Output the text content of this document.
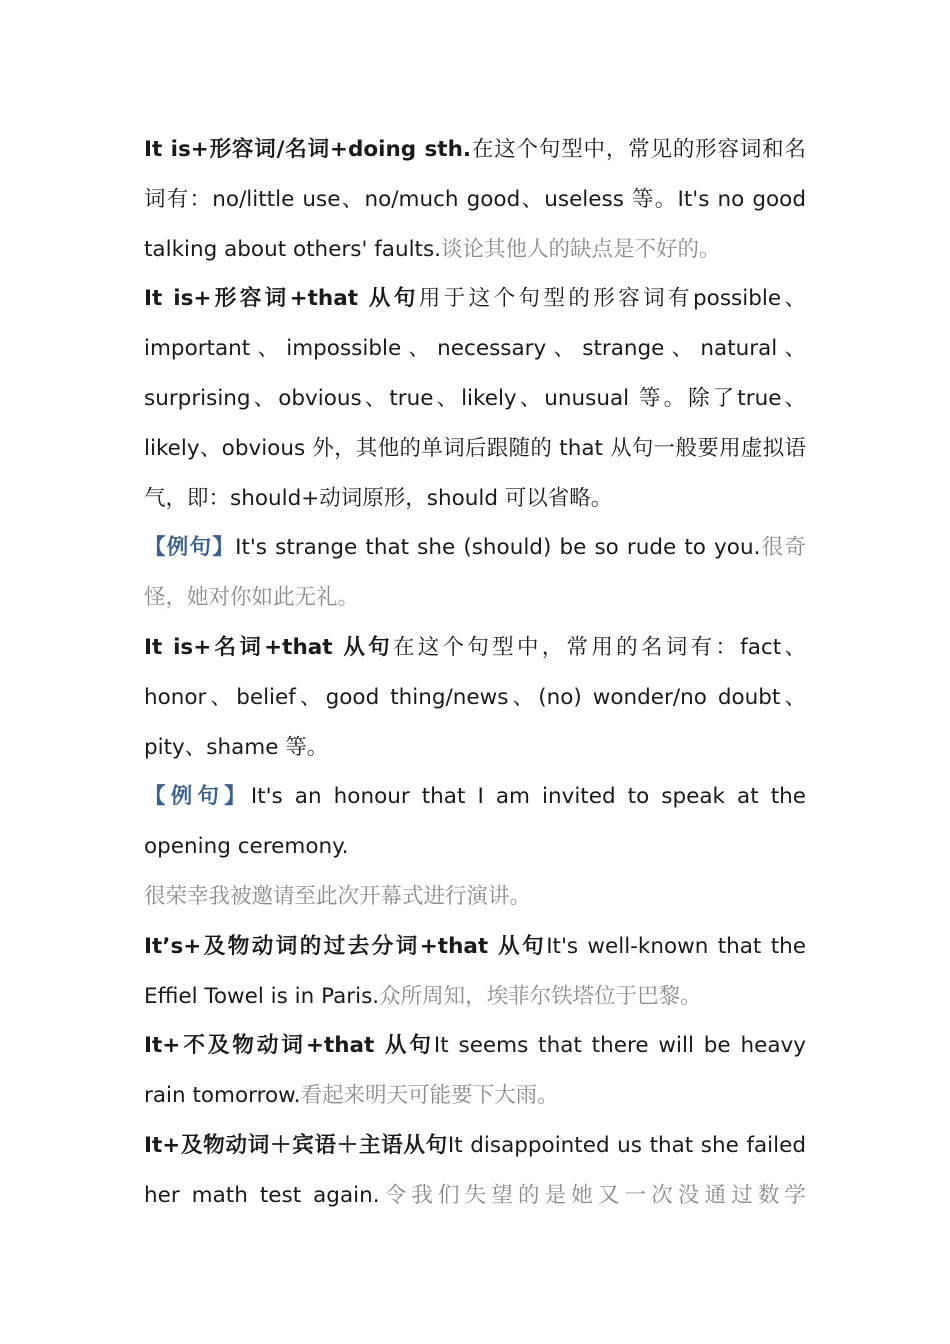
It is+形容词/名词+doing sth.在这个句型中，常见的形容词和名词有：no/little use、no/much good、useless 等。It's no good talking about others' faults.谈论其他人的缺点是不好的。

It is+形容词+that 从句用于这个句型的形容词有possible、important、impossible、necessary、strange、natural、surprising、obvious、true、likely、unusual 等。除了true、likely、obvious 外，其他的单词后跟随的 that 从句一般要用虚拟语气，即：should+动词原形，should 可以省略。

【例句】It's strange that she (should) be so rude to you.很奇怪，她对你如此无礼。

It is+名词+that 从句在这个句型中，常用的名词有：fact、honor、belief、good thing/news、(no) wonder/no doubt、pity、shame 等。

【例句】It's an honour that I am invited to speak at the opening ceremony.

很荣幸我被邀请至此次开幕式进行演讲。

It’s+及物动词的过去分词+that 从句It's well-known that the Effiel Towel is in Paris.众所周知，埃菲尔铁塔位于巴黎。

It+不及物动词+that 从句It seems that there will be heavy rain tomorrow.看起来明天可能要下大雨。

It+及物动词＋宾语＋主语从句It disappointed us that she failed her math test again.令我们失望的是她又一次没通过数学
